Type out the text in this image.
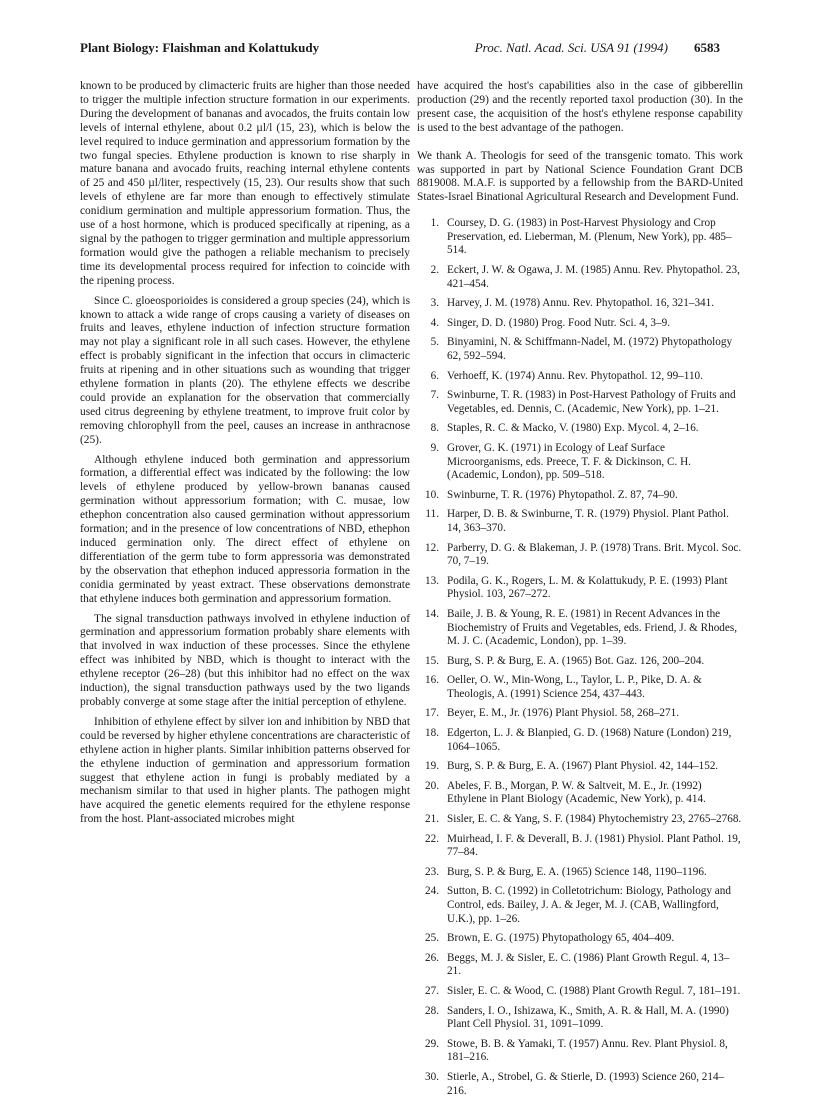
Plant Biology: Flaishman and Kolattukudy	Proc. Natl. Acad. Sci. USA 91 (1994) 6583

known to be produced by climacteric fruits are higher than those needed to trigger the multiple infection structure formation in our experiments. During the development of bananas and avocados, the fruits contain low levels of internal ethylene, about 0.2 µl/l (15, 23), which is below the level required to induce germination and appressorium formation by the two fungal species. Ethylene production is known to rise sharply in mature banana and avocado fruits, reaching internal ethylene contents of 25 and 450 µl/liter, respectively (15, 23). Our results show that such levels of ethylene are far more than enough to effectively stimulate conidium germination and multiple appressorium formation. Thus, the use of a host hormone, which is produced specifically at ripening, as a signal by the pathogen to trigger germination and multiple appressorium formation would give the pathogen a reliable mechanism to precisely time its developmental process required for infection to coincide with the ripening process.

Since C. gloeosporioides is considered a group species (24), which is known to attack a wide range of crops causing a variety of diseases on fruits and leaves, ethylene induction of infection structure formation may not play a significant role in all such cases. However, the ethylene effect is probably significant in the infection that occurs in climacteric fruits at ripening and in other situations such as wounding that trigger ethylene formation in plants (20). The ethylene effects we describe could provide an explanation for the observation that commercially used citrus degreening by ethylene treatment, to improve fruit color by removing chlorophyll from the peel, causes an increase in anthracnose (25).

Although ethylene induced both germination and appressorium formation, a differential effect was indicated by the following: the low levels of ethylene produced by yellow-brown bananas caused germination without appressorium formation; with C. musae, low ethephon concentration also caused germination without appressorium formation; and in the presence of low concentrations of NBD, ethephon induced germination only. The direct effect of ethylene on differentiation of the germ tube to form appressoria was demonstrated by the observation that ethephon induced appressoria formation in the conidia germinated by yeast extract. These observations demonstrate that ethylene induces both germination and appressorium formation.

The signal transduction pathways involved in ethylene induction of germination and appressorium formation probably share elements with that involved in wax induction of these processes. Since the ethylene effect was inhibited by NBD, which is thought to interact with the ethylene receptor (26–28) (but this inhibitor had no effect on the wax induction), the signal transduction pathways used by the two ligands probably converge at some stage after the initial perception of ethylene.

Inhibition of ethylene effect by silver ion and inhibition by NBD that could be reversed by higher ethylene concentrations are characteristic of ethylene action in higher plants. Similar inhibition patterns observed for the ethylene induction of germination and appressorium formation suggest that ethylene action in fungi is probably mediated by a mechanism similar to that used in higher plants. The pathogen might have acquired the genetic elements required for the ethylene response from the host. Plant-associated microbes might

have acquired the host's capabilities also in the case of gibberellin production (29) and the recently reported taxol production (30). In the present case, the acquisition of the host's ethylene response capability is used to the best advantage of the pathogen.

We thank A. Theologis for seed of the transgenic tomato. This work was supported in part by National Science Foundation Grant DCB 8819008. M.A.F. is supported by a fellowship from the BARD-United States-Israel Binational Agricultural Research and Development Fund.

1. Coursey, D. G. (1983) in Post-Harvest Physiology and Crop Preservation, ed. Lieberman, M. (Plenum, New York), pp. 485–514.
2. Eckert, J. W. & Ogawa, J. M. (1985) Annu. Rev. Phytopathol. 23, 421–454.
3. Harvey, J. M. (1978) Annu. Rev. Phytopathol. 16, 321–341.
4. Singer, D. D. (1980) Prog. Food Nutr. Sci. 4, 3–9.
5. Binyamini, N. & Schiffmann-Nadel, M. (1972) Phytopathology 62, 592–594.
6. Verhoeff, K. (1974) Annu. Rev. Phytopathol. 12, 99–110.
7. Swinburne, T. R. (1983) in Post-Harvest Pathology of Fruits and Vegetables, ed. Dennis, C. (Academic, New York), pp. 1–21.
8. Staples, R. C. & Macko, V. (1980) Exp. Mycol. 4, 2–16.
9. Grover, G. K. (1971) in Ecology of Leaf Surface Microorganisms, eds. Preece, T. F. & Dickinson, C. H. (Academic, London), pp. 509–518.
10. Swinburne, T. R. (1976) Phytopathol. Z. 87, 74–90.
11. Harper, D. B. & Swinburne, T. R. (1979) Physiol. Plant Pathol. 14, 363–370.
12. Parberry, D. G. & Blakeman, J. P. (1978) Trans. Brit. Mycol. Soc. 70, 7–19.
13. Podila, G. K., Rogers, L. M. & Kolattukudy, P. E. (1993) Plant Physiol. 103, 267–272.
14. Baile, J. B. & Young, R. E. (1981) in Recent Advances in the Biochemistry of Fruits and Vegetables, eds. Friend, J. & Rhodes, M. J. C. (Academic, London), pp. 1–39.
15. Burg, S. P. & Burg, E. A. (1965) Bot. Gaz. 126, 200–204.
16. Oeller, O. W., Min-Wong, L., Taylor, L. P., Pike, D. A. & Theologis, A. (1991) Science 254, 437–443.
17. Beyer, E. M., Jr. (1976) Plant Physiol. 58, 268–271.
18. Edgerton, L. J. & Blanpied, G. D. (1968) Nature (London) 219, 1064–1065.
19. Burg, S. P. & Burg, E. A. (1967) Plant Physiol. 42, 144–152.
20. Abeles, F. B., Morgan, P. W. & Saltveit, M. E., Jr. (1992) Ethylene in Plant Biology (Academic, New York), p. 414.
21. Sisler, E. C. & Yang, S. F. (1984) Phytochemistry 23, 2765–2768.
22. Muirhead, I. F. & Deverall, B. J. (1981) Physiol. Plant Pathol. 19, 77–84.
23. Burg, S. P. & Burg, E. A. (1965) Science 148, 1190–1196.
24. Sutton, B. C. (1992) in Colletotrichum: Biology, Pathology and Control, eds. Bailey, J. A. & Jeger, M. J. (CAB, Wallingford, U.K.), pp. 1–26.
25. Brown, E. G. (1975) Phytopathology 65, 404–409.
26. Beggs, M. J. & Sisler, E. C. (1986) Plant Growth Regul. 4, 13–21.
27. Sisler, E. C. & Wood, C. (1988) Plant Growth Regul. 7, 181–191.
28. Sanders, I. O., Ishizawa, K., Smith, A. R. & Hall, M. A. (1990) Plant Cell Physiol. 31, 1091–1099.
29. Stowe, B. B. & Yamaki, T. (1957) Annu. Rev. Plant Physiol. 8, 181–216.
30. Stierle, A., Strobel, G. & Stierle, D. (1993) Science 260, 214–216.
